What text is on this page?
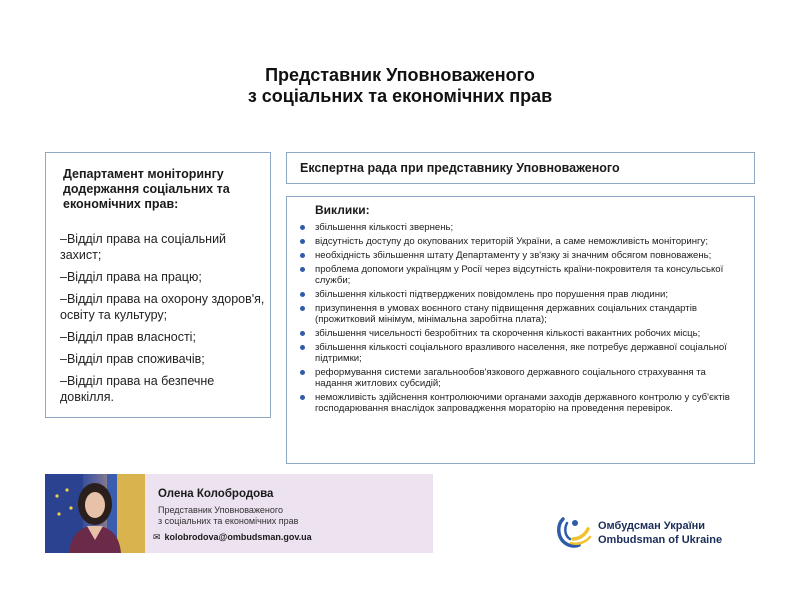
Представник Уповноваженого
з соціальних та економічних прав
Департамент моніторингу додержання соціальних та економічних прав:
–Відділ права на соціальний захист;
–Відділ права на працю;
–Відділ права на охорону здоров'я, освіту та культуру;
–Відділ прав власності;
–Відділ прав споживачів;
–Відділ права на безпечне довкілля.
Експертна рада при представнику Уповноваженого
Виклики:
збільшення кількості звернень;
відсутність доступу до окупованих територій України, а саме неможливість моніторингу;
необхідність збільшення штату Департаменту у зв'язку зі значним обсягом повноважень;
проблема допомоги українцям у Росії через відсутність країни-покровителя та консульської служби;
збільшення кількості підтверджених повідомлень про порушення прав людини;
призупинення в умовах воєнного стану підвищення державних соціальних стандартів (прожитковий мінімум, мінімальна заробітна плата);
збільшення чисельності безробітних та скорочення кількості вакантних робочих місць;
збільшення кількості соціального вразливого населення, яке потребує державної соціальної підтримки;
реформування системи загальнообов'язкового державного соціального страхування та надання житлових субсидій;
неможливість здійснення контролюючими органами заходів державного контролю у суб'єктів господарювання внаслідок запровадження мораторію на проведення перевірок.
Олена Колобродова
Представник Уповноваженого
з соціальних та економічних прав
✉ kolobrodova@ombudsman.gov.ua
Омбудсман України
Ombudsman of Ukraine
